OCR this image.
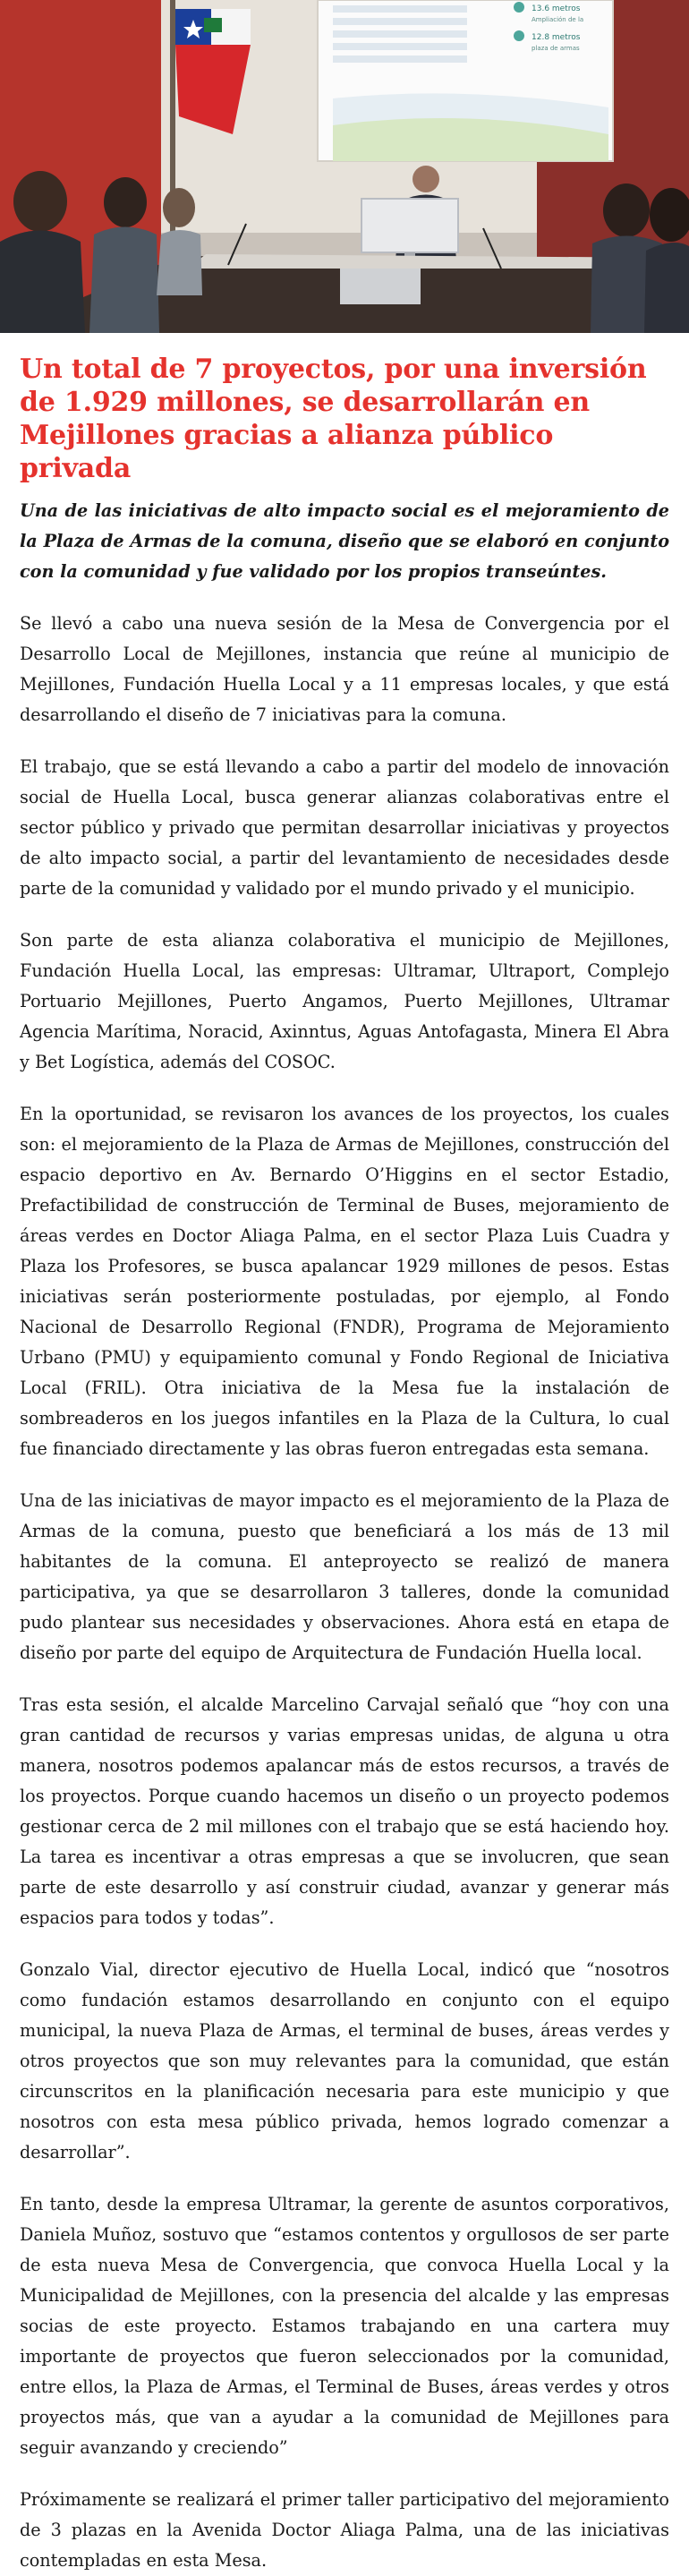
13.6 metros
Ampliación de la
12.8 metros
plaza de armas
Un total de 7 proyectos, por una inversión de 1.929 millones, se desarrollarán en Mejillones gracias a alianza público privada

Una de las iniciativas de alto impacto social es el mejoramiento de la Plaza de Armas de la comuna, diseño que se elaboró en conjunto con la comunidad y fue validado por los propios transeúntes.

Se llevó a cabo una nueva sesión de la Mesa de Convergencia por el Desarrollo Local de Mejillones, instancia que reúne al municipio de Mejillones, Fundación Huella Local y a 11 empresas locales, y que está desarrollando el diseño de 7 iniciativas para la comuna.

El trabajo, que se está llevando a cabo a partir del modelo de innovación social de Huella Local, busca generar alianzas colaborativas entre el sector público y privado que permitan desarrollar iniciativas y proyectos de alto impacto social, a partir del levantamiento de necesidades desde parte de la comunidad y validado por el mundo privado y el municipio.

Son parte de esta alianza colaborativa el municipio de Mejillones, Fundación Huella Local, las empresas: Ultramar, Ultraport, Complejo Portuario Mejillones, Puerto Angamos, Puerto Mejillones, Ultramar Agencia Marítima, Noracid, Axinntus, Aguas Antofagasta, Minera El Abra y Bet Logística, además del COSOC.

En la oportunidad, se revisaron los avances de los proyectos, los cuales son: el mejoramiento de la Plaza de Armas de Mejillones, construcción del espacio deportivo en Av. Bernardo O’Higgins en el sector Estadio, Prefactibilidad de construcción de Terminal de Buses, mejoramiento de áreas verdes en Doctor Aliaga Palma, en el sector Plaza Luis Cuadra y Plaza los Profesores, se busca apalancar 1929 millones de pesos. Estas iniciativas serán posteriormente postuladas, por ejemplo, al Fondo Nacional de Desarrollo Regional (FNDR), Programa de Mejoramiento Urbano (PMU) y equipamiento comunal y Fondo Regional de Iniciativa Local (FRIL). Otra iniciativa de la Mesa fue la instalación de sombreaderos en los juegos infantiles en la Plaza de la Cultura, lo cual fue financiado directamente y las obras fueron entregadas esta semana.

Una de las iniciativas de mayor impacto es el mejoramiento de la Plaza de Armas de la comuna, puesto que beneficiará a los más de 13 mil habitantes de la comuna. El anteproyecto se realizó de manera participativa, ya que se desarrollaron 3 talleres, donde la comunidad pudo plantear sus necesidades y observaciones. Ahora está en etapa de diseño por parte del equipo de Arquitectura de Fundación Huella local.

Tras esta sesión, el alcalde Marcelino Carvajal señaló que “hoy con una gran cantidad de recursos y varias empresas unidas, de alguna u otra manera, nosotros podemos apalancar más de estos recursos, a través de los proyectos. Porque cuando hacemos un diseño o un proyecto podemos gestionar cerca de 2 mil millones con el trabajo que se está haciendo hoy. La tarea es incentivar a otras empresas a que se involucren, que sean parte de este desarrollo y así construir ciudad, avanzar y generar más espacios para todos y todas”.

Gonzalo Vial, director ejecutivo de Huella Local, indicó que “nosotros como fundación estamos desarrollando en conjunto con el equipo municipal, la nueva Plaza de Armas, el terminal de buses, áreas verdes y otros proyectos que son muy relevantes para la comunidad, que están circunscritos en la planificación necesaria para este municipio y que nosotros con esta mesa público privada, hemos logrado comenzar a desarrollar”.

En tanto, desde la empresa Ultramar, la gerente de asuntos corporativos, Daniela Muñoz, sostuvo que “estamos contentos y orgullosos de ser parte de esta nueva Mesa de Convergencia, que convoca Huella Local y la Municipalidad de Mejillones, con la presencia del alcalde y las empresas socias de este proyecto. Estamos trabajando en una cartera muy importante de proyectos que fueron seleccionados por la comunidad, entre ellos, la Plaza de Armas, el Terminal de Buses, áreas verdes y otros proyectos más, que van a ayudar a la comunidad de Mejillones para seguir avanzando y creciendo”

Próximamente se realizará el primer taller participativo del mejoramiento de 3 plazas en la Avenida Doctor Aliaga Palma, una de las iniciativas contempladas en esta Mesa.
